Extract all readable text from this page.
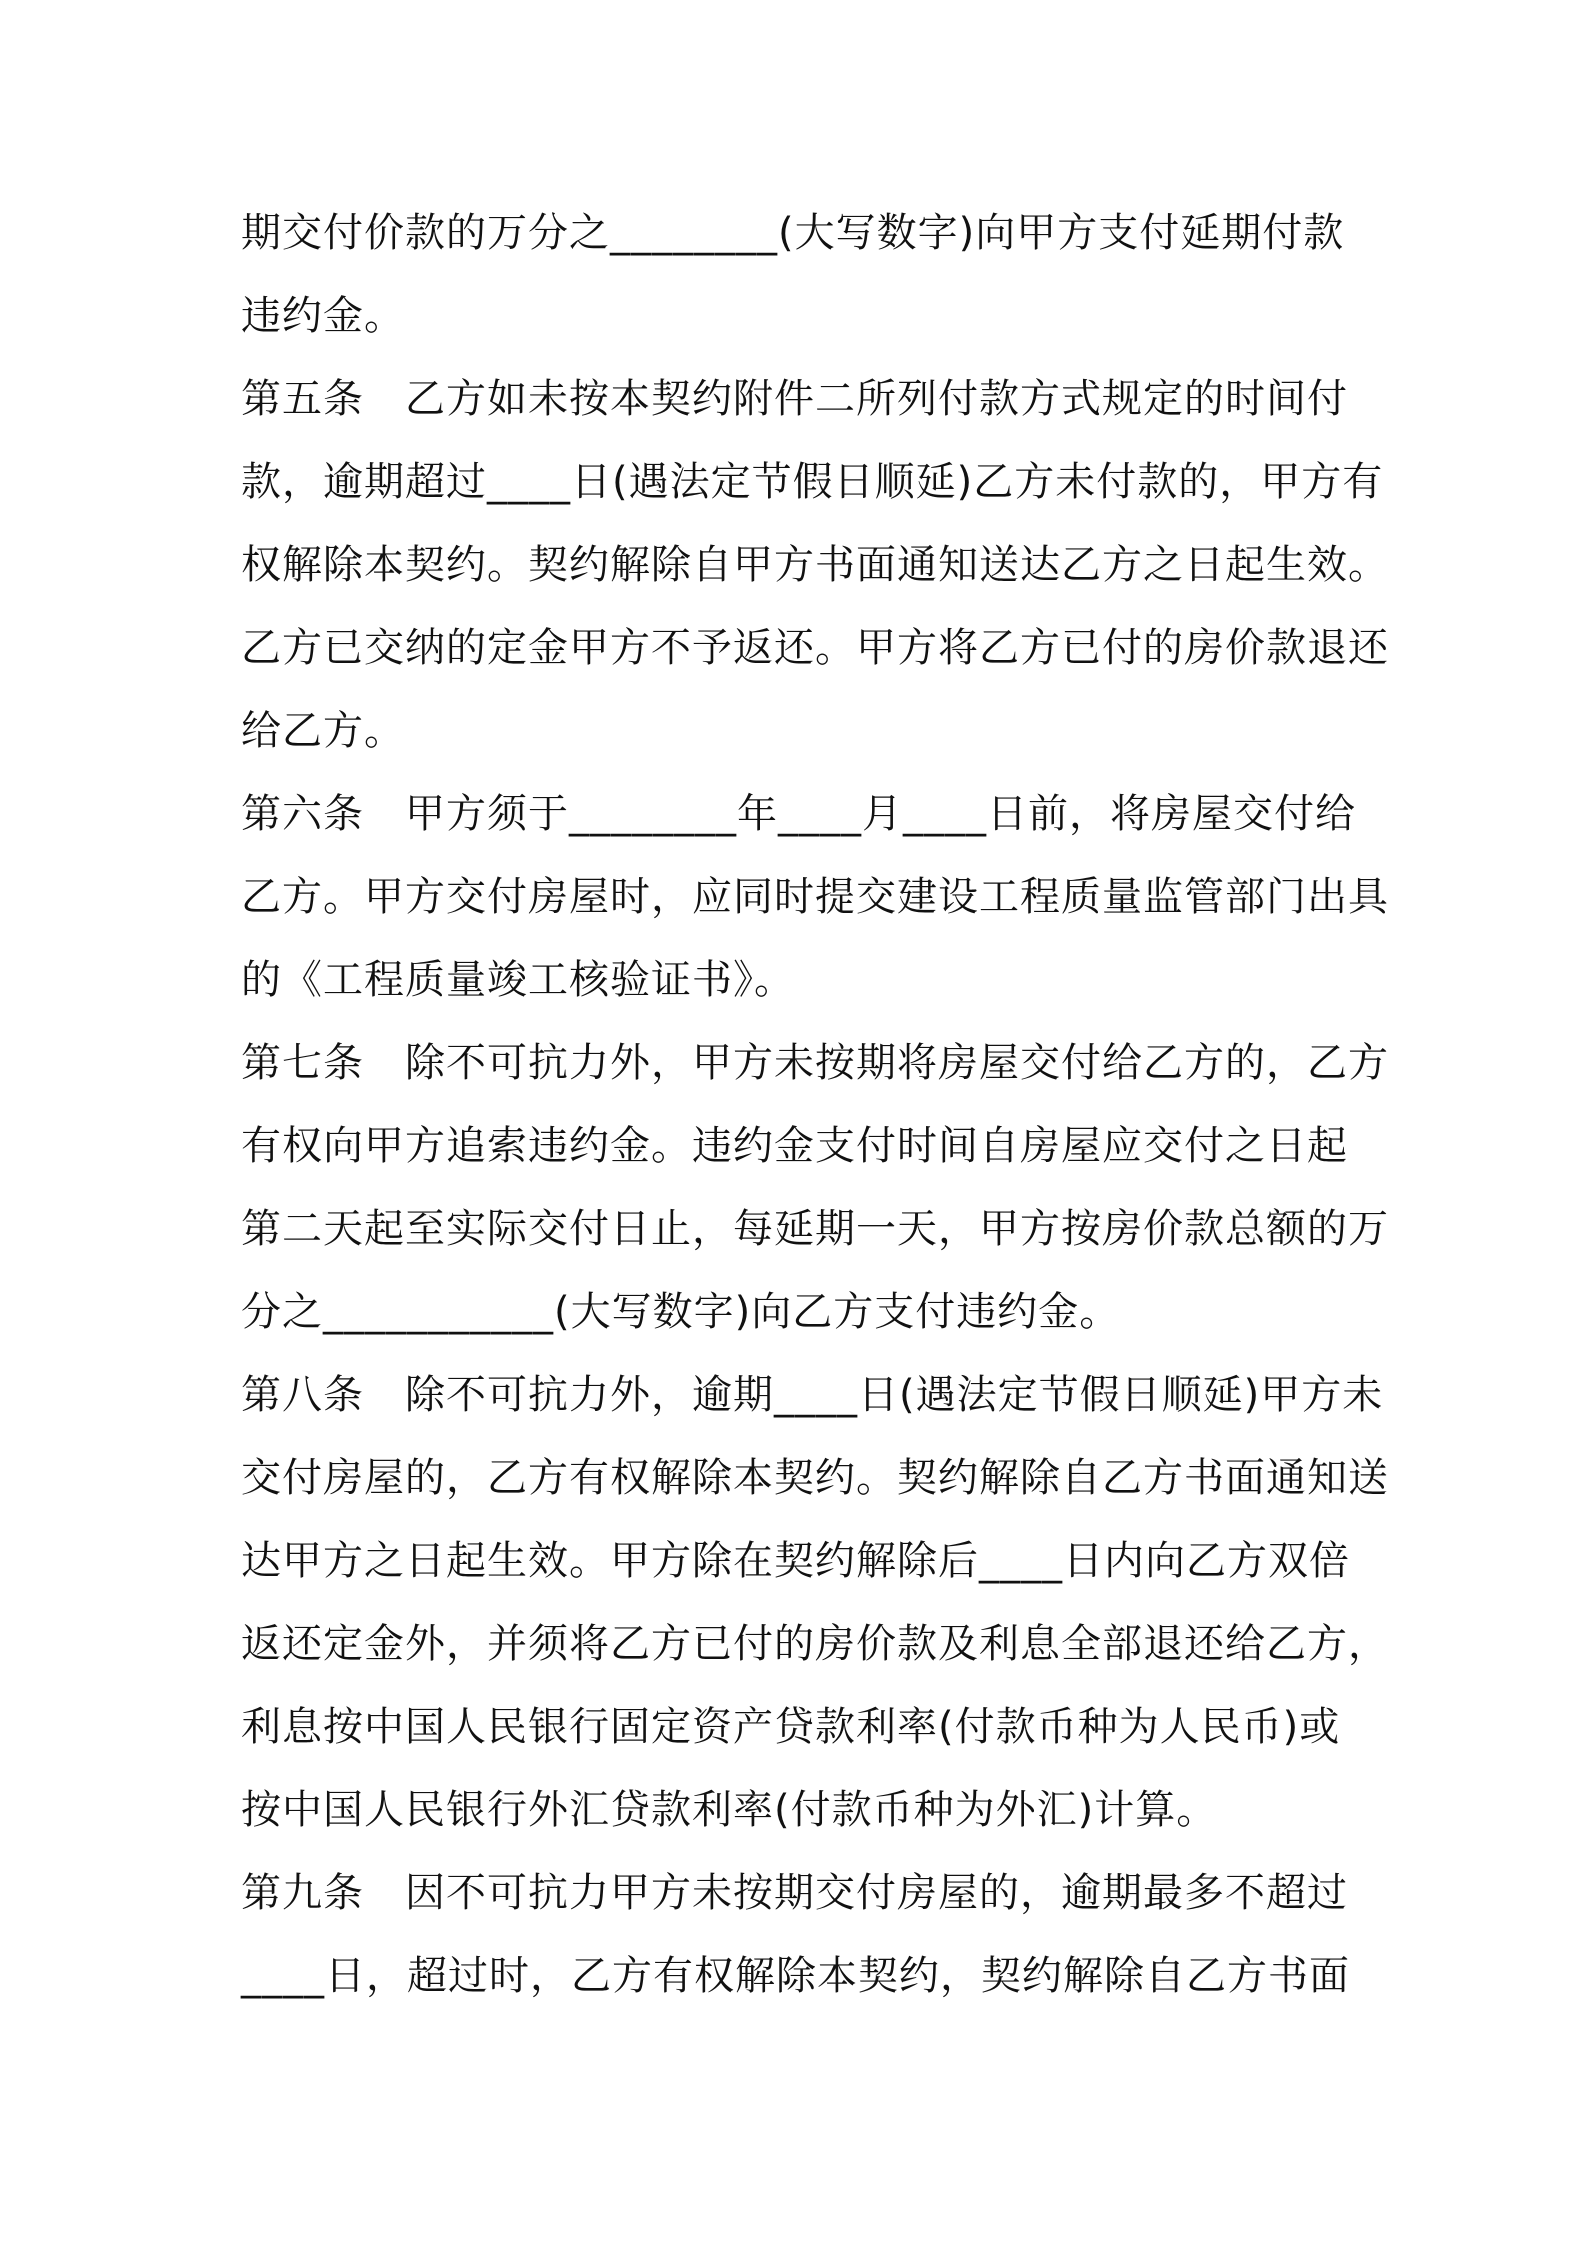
期交付价款的万分之________(大写数字)向甲方支付延期付款
违约金。
第五条　乙方如未按本契约附件二所列付款方式规定的时间付
款，逾期超过____日(遇法定节假日顺延)乙方未付款的，甲方有
权解除本契约。契约解除自甲方书面通知送达乙方之日起生效。
乙方已交纳的定金甲方不予返还。甲方将乙方已付的房价款退还
给乙方。
第六条　甲方须于________年____月____日前，将房屋交付给
乙方。甲方交付房屋时，应同时提交建设工程质量监管部门出具
的《工程质量竣工核验证书》。
第七条　除不可抗力外，甲方未按期将房屋交付给乙方的，乙方
有权向甲方追索违约金。违约金支付时间自房屋应交付之日起
第二天起至实际交付日止，每延期一天，甲方按房价款总额的万
分之___________(大写数字)向乙方支付违约金。
第八条　除不可抗力外，逾期____日(遇法定节假日顺延)甲方未
交付房屋的，乙方有权解除本契约。契约解除自乙方书面通知送
达甲方之日起生效。甲方除在契约解除后____日内向乙方双倍
返还定金外，并须将乙方已付的房价款及利息全部退还给乙方，
利息按中国人民银行固定资产贷款利率(付款币种为人民币)或
按中国人民银行外汇贷款利率(付款币种为外汇)计算。
第九条　因不可抗力甲方未按期交付房屋的，逾期最多不超过
____日，超过时，乙方有权解除本契约，契约解除自乙方书面
